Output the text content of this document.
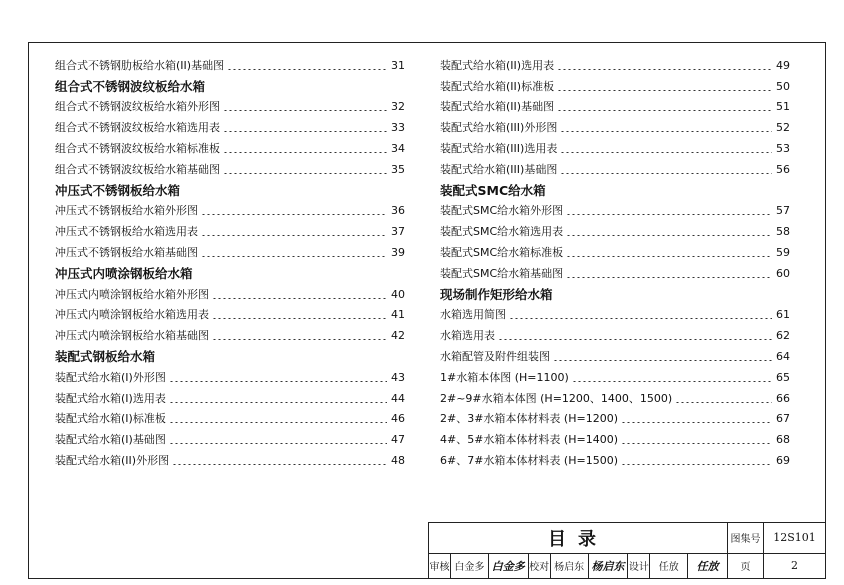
组合式不锈钢肋板给水箱(II)基础图	31
组合式不锈钢波纹板给水箱
组合式不锈钢波纹板给水箱外形图	32
组合式不锈钢波纹板给水箱选用表	33
组合式不锈钢波纹板给水箱标准板	34
组合式不锈钢波纹板给水箱基础图	35
冲压式不锈钢板给水箱
冲压式不锈钢板给水箱外形图	36
冲压式不锈钢板给水箱选用表	37
冲压式不锈钢板给水箱基础图	39
冲压式内喷涂钢板给水箱
冲压式内喷涂钢板给水箱外形图	40
冲压式内喷涂钢板给水箱选用表	41
冲压式内喷涂钢板给水箱基础图	42
装配式钢板给水箱
装配式给水箱(I)外形图	43
装配式给水箱(I)选用表	44
装配式给水箱(I)标准板	46
装配式给水箱(I)基础图	47
装配式给水箱(II)外形图	48
装配式给水箱(II)选用表	49
装配式给水箱(II)标准板	50
装配式给水箱(II)基础图	51
装配式给水箱(III)外形图	52
装配式给水箱(III)选用表	53
装配式给水箱(III)基础图	56
装配式SMC给水箱
装配式SMC给水箱外形图	57
装配式SMC给水箱选用表	58
装配式SMC给水箱标准板	59
装配式SMC给水箱基础图	60
现场制作矩形给水箱
水箱选用简图	61
水箱选用表	62
水箱配管及附件组装图	64
1#水箱本体图 (H=1100)	65
2#~9#水箱本体图 (H=1200、1400、1500)	66
2#、3#水箱本体材料表 (H=1200)	67
4#、5#水箱本体材料表 (H=1400)	68
6#、7#水箱本体材料表 (H=1500)	69
目录									图集号	12S101
审核	白金多	白金多	校对	杨启东	杨启东	设计	任放	任放	页	2
